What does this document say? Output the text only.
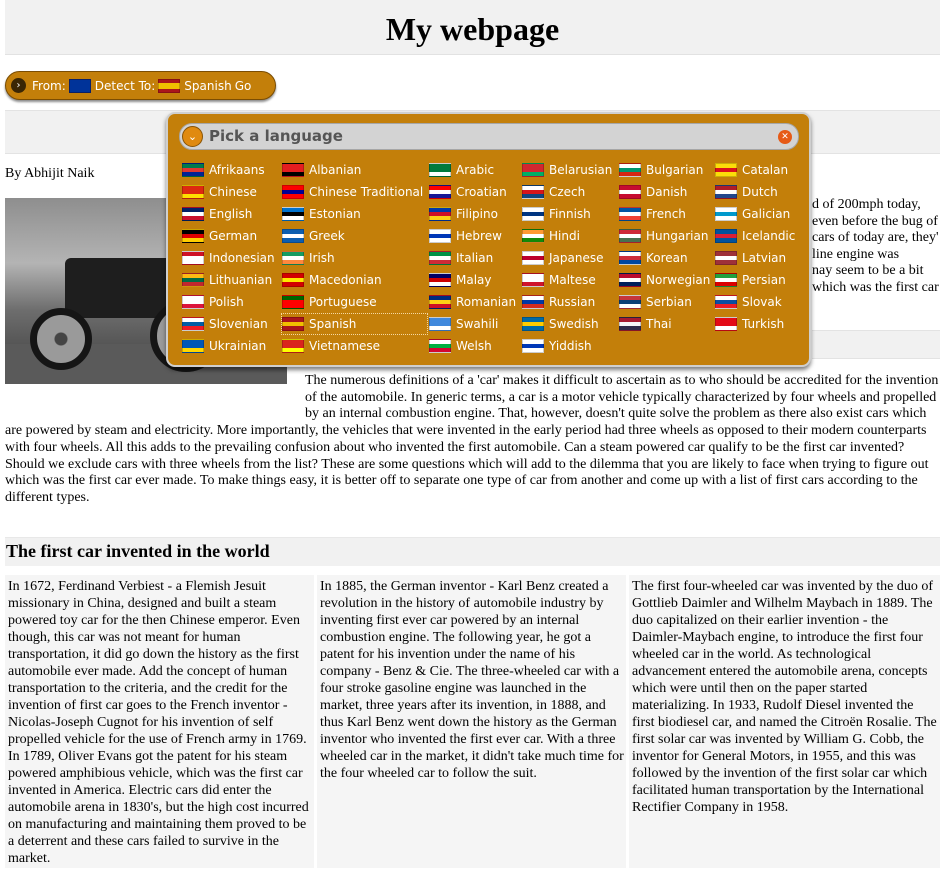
My webpage
› From: Detect To: Spanish Go
By Abhijit Naik
d of 200mph today,
even before the bug of
cars of today are, they'
line engine was
nay seem to be a bit
which was the first car

The numerous definitions of a 'car' makes it difficult to ascertain as to who should be accredited for the invention of the automobile. In generic terms, a car is a motor vehicle typically characterized by four wheels and propelled by an internal combustion engine. That, however, doesn't quite solve the problem as there also exist cars which are powered by steam and electricity. More importantly, the vehicles that were invented in the early period had three wheels as opposed to their modern counterparts with four wheels. All this adds to the prevailing confusion about who invented the first automobile. Can a steam powered car qualify to be the first car invented? Should we exclude cars with three wheels from the list? These are some questions which will add to the dilemma that you are likely to face when trying to figure out which was the first car ever made. To make things easy, it is better off to separate one type of car from another and come up with a list of first cars according to the different types.

The first car invented in the world

In 1672, Ferdinand Verbiest - a Flemish Jesuit missionary in China, designed and built a steam powered toy car for the then Chinese emperor. Even though, this car was not meant for human transportation, it did go down the history as the first automobile ever made. Add the concept of human transportation to the criteria, and the credit for the invention of first car goes to the French inventor - Nicolas-Joseph Cugnot for his invention of self propelled vehicle for the use of French army in 1769. In 1789, Oliver Evans got the patent for his steam powered amphibious vehicle, which was the first car invented in America. Electric cars did enter the automobile arena in 1830's, but the high cost incurred on manufacturing and maintaining them proved to be a deterrent and these cars failed to survive in the market.

In 1885, the German inventor - Karl Benz created a revolution in the history of automobile industry by inventing first ever car powered by an internal combustion engine. The following year, he got a patent for his invention under the name of his company - Benz & Cie. The three-wheeled car with a four stroke gasoline engine was launched in the market, three years after its invention, in 1888, and thus Karl Benz went down the history as the German inventor who invented the first ever car. With a three wheeled car in the market, it didn't take much time for the four wheeled car to follow the suit.

The first four-wheeled car was invented by the duo of Gottlieb Daimler and Wilhelm Maybach in 1889. The duo capitalized on their earlier invention - the Daimler-Maybach engine, to introduce the first four wheeled car in the world. As technological advancement entered the automobile arena, concepts which were until then on the paper started materializing. In 1933, Rudolf Diesel invented the first biodiesel car, and named the Citroën Rosalie. The first solar car was invented by William G. Cobb, the inventor for General Motors, in 1955, and this was followed by the invention of the first solar car which facilitated human transportation by the International Rectifier Company in 1958.

⌄ Pick a language	✕
Afrikaans	Albanian	Arabic	Belarusian	Bulgarian	Catalan
Chinese	Chinese Traditional	Croatian	Czech	Danish	Dutch
English	Estonian	Filipino	Finnish	French	Galician
German	Greek	Hebrew	Hindi	Hungarian	Icelandic
Indonesian	Irish	Italian	Japanese	Korean	Latvian
Lithuanian	Macedonian	Malay	Maltese	Norwegian	Persian
Polish	Portuguese	Romanian	Russian	Serbian	Slovak
Slovenian	Spanish	Swahili	Swedish	Thai	Turkish
Ukrainian	Vietnamese	Welsh	Yiddish
